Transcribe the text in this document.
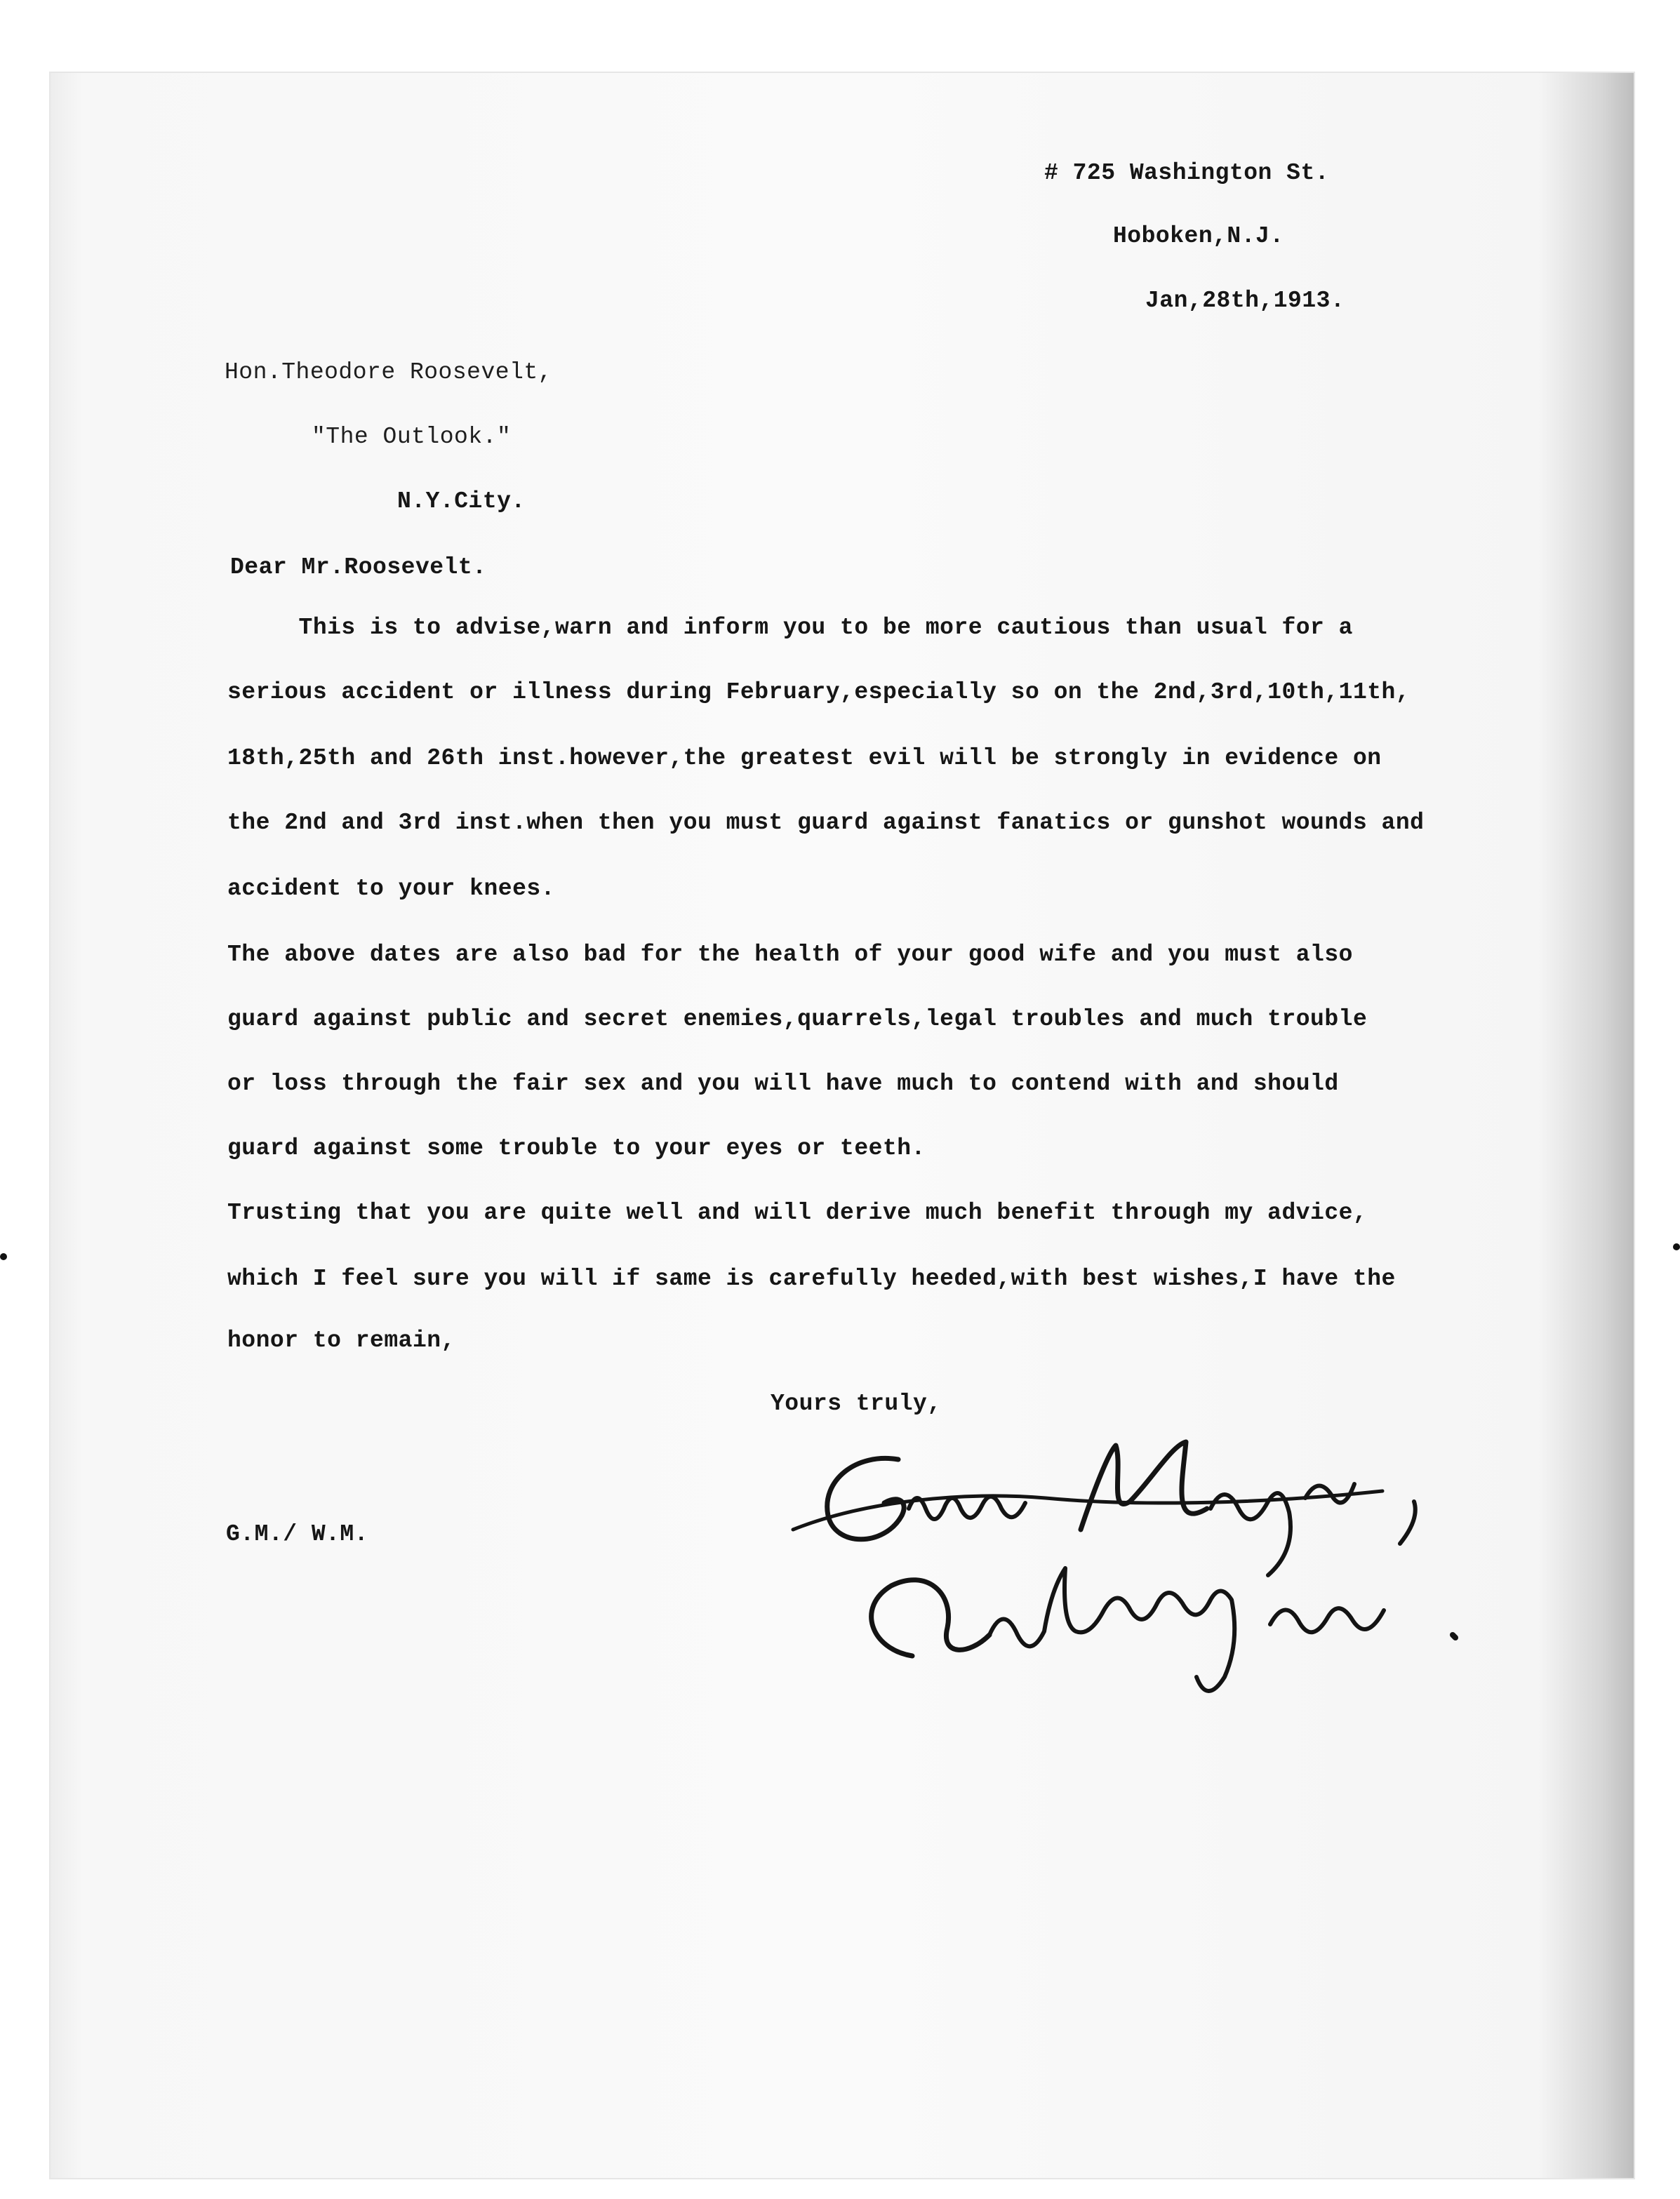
# 725 Washington St.
Hoboken,N.J.
Jan,28th,1913.
Hon.Theodore Roosevelt,
"The Outlook."
N.Y.City.
Dear Mr.Roosevelt.
This is to advise,warn and inform you to be more cautious than usual for a
serious accident or illness during February,especially so on the 2nd,3rd,10th,11th,
18th,25th and 26th inst.however,the greatest evil will be strongly in evidence on
the 2nd and 3rd inst.when then you must guard against fanatics or gunshot wounds and
accident to your knees.
The above dates are also bad for the health of your good wife and you must also
guard against public and secret enemies,quarrels,legal troubles and much trouble
or loss through the fair sex and you will have much to contend with and should
guard against some trouble to your eyes or teeth.
Trusting that you are quite well and will derive much benefit through my advice,
which I feel sure you will if same is carefully heeded,with best wishes,I have the
honor to remain,
Yours truly,
G.M./ W.M.	Gustave Meyer,
Astrologer.
